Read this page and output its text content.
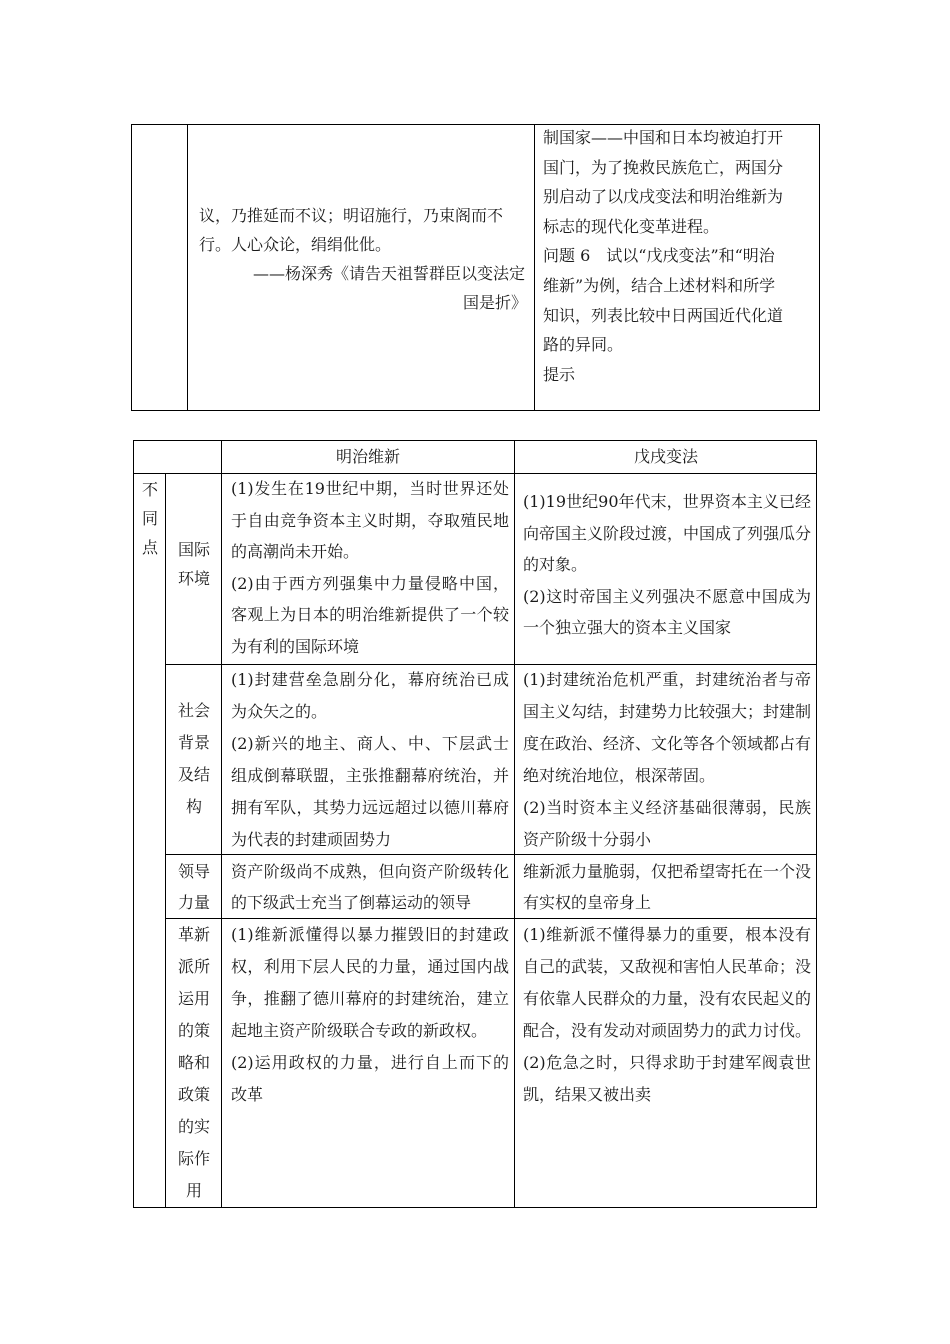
议，乃推延而不议；明诏施行，乃束阁而不
行。人心众论，绢绢仳仳。
——杨深秀《请告天祖誓群臣以变法定
国是折》
制国家——中国和日本均被迫打开
国门，为了挽救民族危亡，两国分
别启动了以戊戌变法和明治维新为
标志的现代化变革进程。
问题 6　试以“戊戌变法”和“明治
维新”为例，结合上述材料和所学
知识，列表比较中日两国近代化道
路的异同。
提示
明治维新	戊戌变法
不同点 国际环境
(1)发生在19世纪中期，当时世界还处于自由竞争资本主义时期，夺取殖民地的高潮尚未开始。
(2)由于西方列强集中力量侵略中国，客观上为日本的明治维新提供了一个较为有利的国际环境
(1)19世纪90年代末，世界资本主义已经向帝国主义阶段过渡，中国成了列强瓜分的对象。
(2)这时帝国主义列强决不愿意中国成为一个独立强大的资本主义国家
社会背景及结构
(1)封建营垒急剧分化，幕府统治已成为众矢之的。
(2)新兴的地主、商人、中、下层武士组成倒幕联盟，主张推翻幕府统治，并拥有军队，其势力远远超过以德川幕府为代表的封建顽固势力
(1)封建统治危机严重，封建统治者与帝国主义勾结，封建势力比较强大；封建制度在政治、经济、文化等各个领域都占有绝对统治地位，根深蒂固。
(2)当时资本主义经济基础很薄弱，民族资产阶级十分弱小
领导力量
资产阶级尚不成熟，但向资产阶级转化的下级武士充当了倒幕运动的领导
维新派力量脆弱，仅把希望寄托在一个没有实权的皇帝身上
革新派所运用的策略和政策的实际作用
(1)维新派懂得以暴力摧毁旧的封建政权，利用下层人民的力量，通过国内战争，推翻了德川幕府的封建统治，建立起地主资产阶级联合专政的新政权。
(2)运用政权的力量，进行自上而下的改革
(1)维新派不懂得暴力的重要，根本没有自己的武装，又敌视和害怕人民革命；没有依靠人民群众的力量，没有农民起义的配合，没有发动对顽固势力的武力讨伐。
(2)危急之时，只得求助于封建军阀袁世凯，结果又被出卖
